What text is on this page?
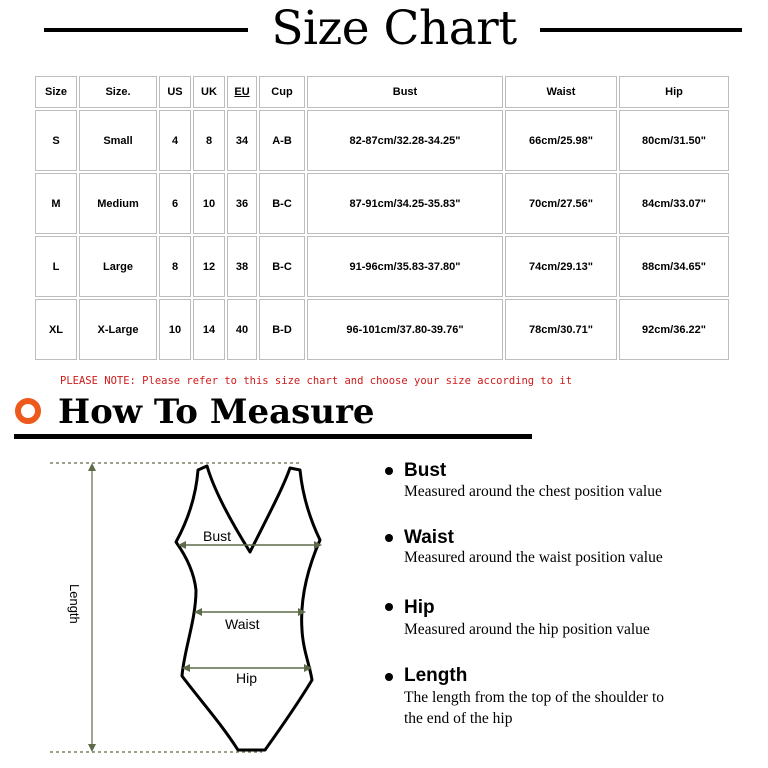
Size Chart
Size	Size.	US	UK	EU	Cup	Bust	Waist	Hip
S	Small	4	8	34	A-B	82-87cm/32.28-34.25"	66cm/25.98"	80cm/31.50"
M	Medium	6	10	36	B-C	87-91cm/34.25-35.83"	70cm/27.56"	84cm/33.07"
L	Large	8	12	38	B-C	91-96cm/35.83-37.80"	74cm/29.13"	88cm/34.65"
XL	X-Large	10	14	40	B-D	96-101cm/37.80-39.76"	78cm/30.71"	92cm/36.22"
PLEASE NOTE: Please refer to this size chart and choose your size according to it
How To Measure
Length
Bust
Waist
Hip
Bust
Measured around the chest position value
Waist
Measured around the waist position value
Hip
Measured around the hip position value
Length
The length from the top of the shoulder to
the end of the hip
